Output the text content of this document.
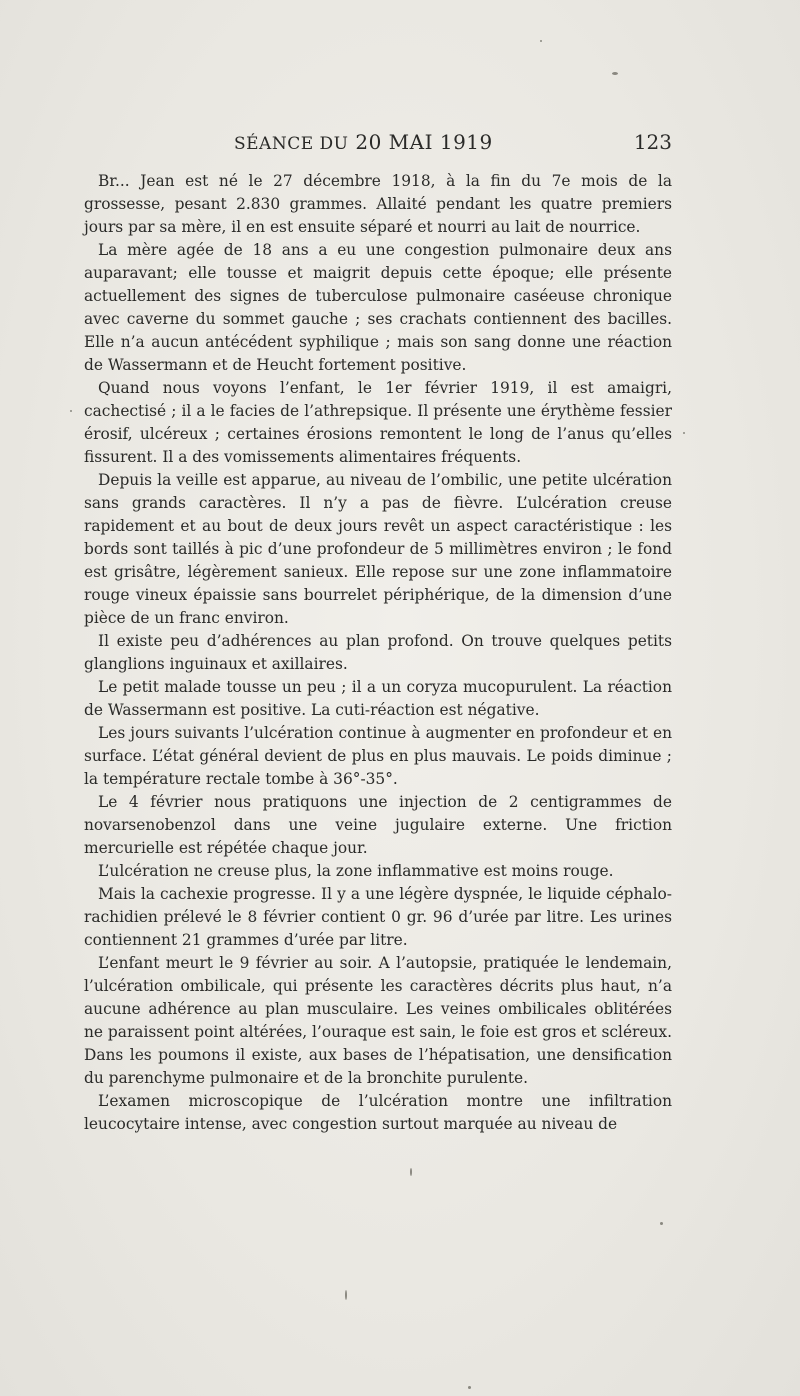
SÉANCE DU 20 MAI 1919	123

Br... Jean est né le 27 décembre 1918, à la fin du 7e mois de la grossesse, pesant 2.830 grammes. Allaité pendant les quatre premiers jours par sa mère, il en est ensuite séparé et nourri au lait de nourrice.

La mère agée de 18 ans a eu une congestion pulmonaire deux ans auparavant; elle tousse et maigrit depuis cette époque; elle présente actuellement des signes de tuberculose pulmonaire caséeuse chronique avec caverne du sommet gauche ; ses crachats contiennent des bacilles. Elle n’a aucun antécédent syphilique ; mais son sang donne une réaction de Wassermann et de Heucht fortement positive.

Quand nous voyons l’enfant, le 1er février 1919, il est amaigri, cachectisé ; il a le facies de l’athrepsique. Il présente une érythème fessier érosif, ulcéreux ; certaines érosions remontent le long de l’anus qu’elles fissurent. Il a des vomissements alimentaires fréquents.

Depuis la veille est apparue, au niveau de l’ombilic, une petite ulcération sans grands caractères. Il n’y a pas de fièvre. L’ulcération creuse rapidement et au bout de deux jours revêt un aspect caractéristique : les bords sont taillés à pic d’une profondeur de 5 millimètres environ ; le fond est grisâtre, légèrement sanieux. Elle repose sur une zone inflammatoire rouge vineux épaissie sans bourrelet périphérique, de la dimension d’une pièce de un franc environ.

Il existe peu d’adhérences au plan profond. On trouve quelques petits glanglions inguinaux et axillaires.

Le petit malade tousse un peu ; il a un coryza mucopurulent. La réaction de Wassermann est positive. La cuti-réaction est négative.

Les jours suivants l’ulcération continue à augmenter en profondeur et en surface. L’état général devient de plus en plus mauvais. Le poids diminue ; la température rectale tombe à 36°-35°.

Le 4 février nous pratiquons une injection de 2 centigrammes de novarsenobenzol dans une veine jugulaire externe. Une friction mercurielle est répétée chaque jour.

L’ulcération ne creuse plus, la zone inflammative est moins rouge.

Mais la cachexie progresse. Il y a une légère dyspnée, le liquide céphalo-rachidien prélevé le 8 février contient 0 gr. 96 d’urée par litre. Les urines contiennent 21 grammes d’urée par litre.

L’enfant meurt le 9 février au soir. A l’autopsie, pratiquée le lendemain, l’ulcération ombilicale, qui présente les caractères décrits plus haut, n’a aucune adhérence au plan musculaire. Les veines ombilicales oblitérées ne paraissent point altérées, l’ouraque est sain, le foie est gros et scléreux. Dans les poumons il existe, aux bases de l’hépatisation, une densification du parenchyme pulmonaire et de la bronchite purulente.

L’examen microscopique de l’ulcération montre une infiltration leucocytaire intense, avec congestion surtout marquée au niveau de
